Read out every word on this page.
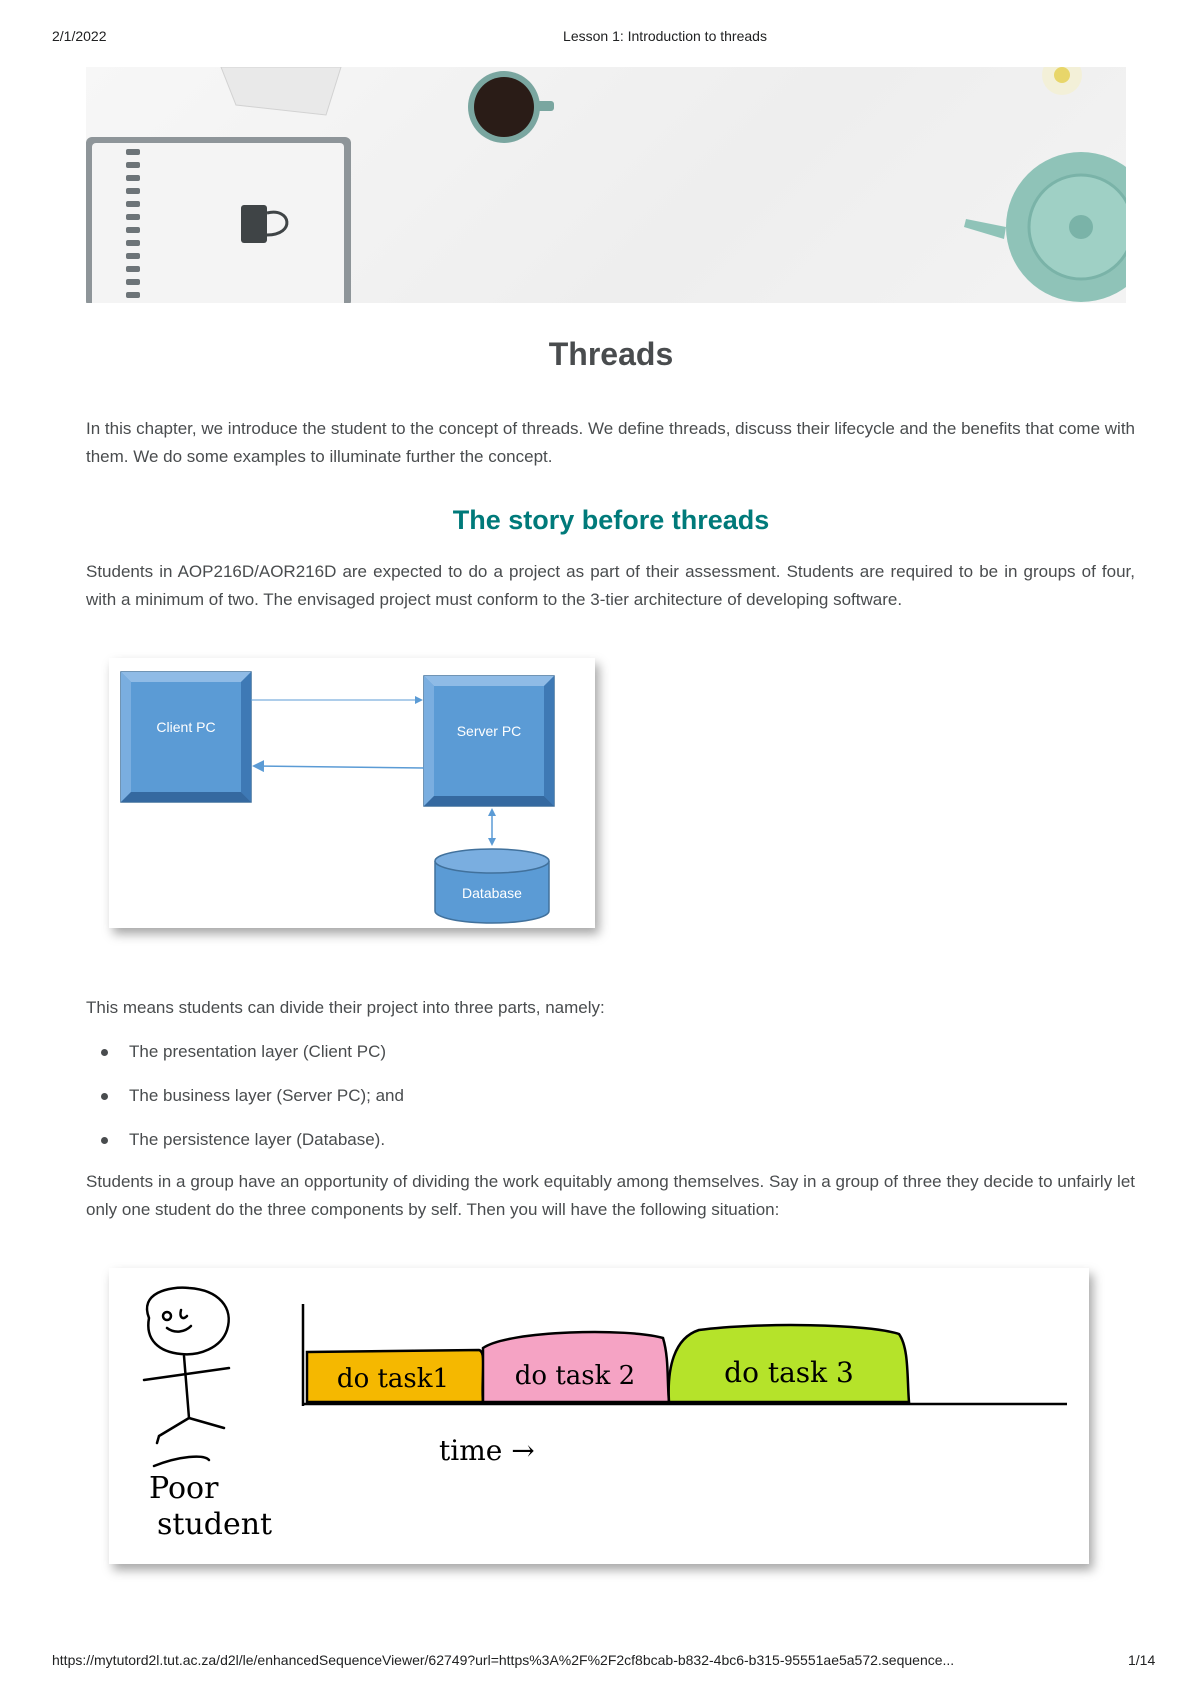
2/1/2022	Lesson 1: Introduction to threads
Threads

In this chapter, we introduce the student to the concept of threads. We define threads, discuss their lifecycle and the benefits that come with them. We do some examples to illuminate further the concept.

The story before threads

Students in AOP216D/AOR216D are expected to do a project as part of their assessment. Students are required to be in groups of four, with a minimum of two. The envisaged project must conform to the 3-tier architecture of developing software.

Client PC	Server PC
Database

This means students can divide their project into three parts, namely:

The presentation layer (Client PC)
The business layer (Server PC); and
The persistence layer (Database).

Students in a group have an opportunity of dividing the work equitably among themselves. Say in a group of three they decide to unfairly let only one student do the three components by self. Then you will have the following situation:

Poor
student
do task1	do task 2	do task 3
time →
https://mytutord2l.tut.ac.za/d2l/le/enhancedSequenceViewer/62749?url=https%3A%2F%2F2cf8bcab-b832-4bc6-b315-95551ae5a572.sequence...	1/14
